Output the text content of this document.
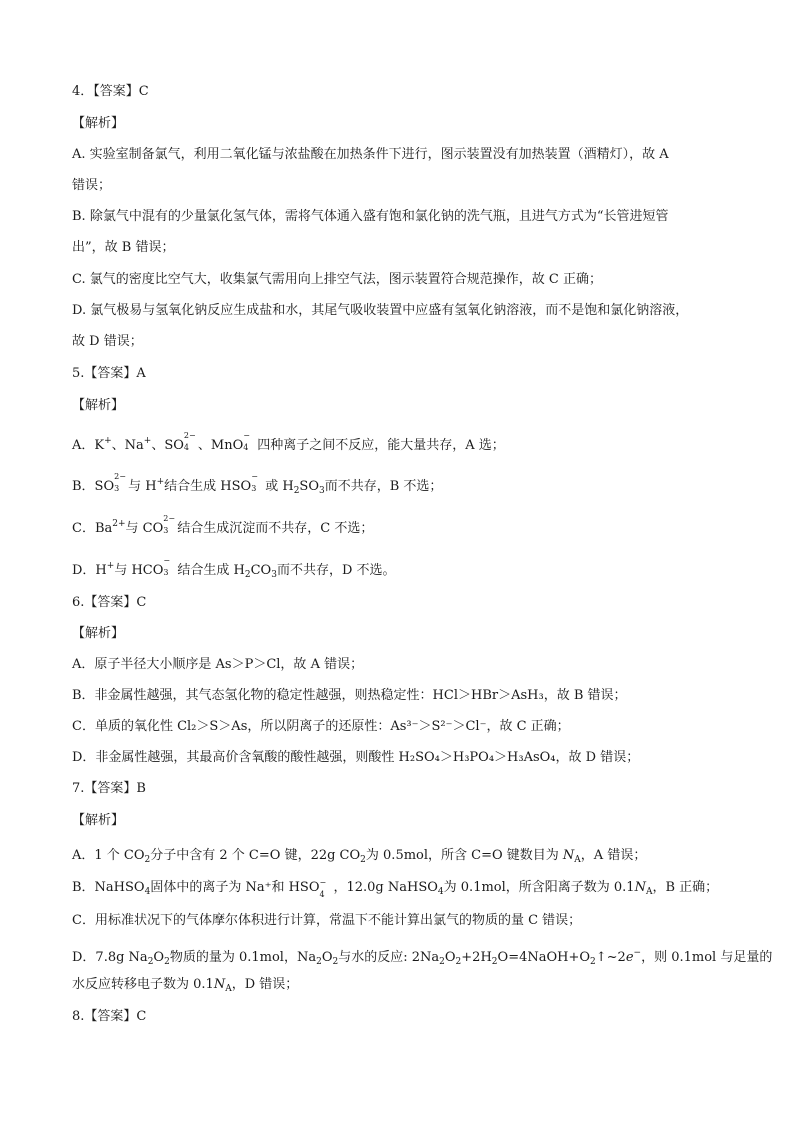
4．【答案】C
【解析】
A. 实验室制备氯气，利用二氧化锰与浓盐酸在加热条件下进行，图示装置没有加热装置（酒精灯），故 A
错误；
B. 除氯气中混有的少量氯化氢气体，需将气体通入盛有饱和氯化钠的洗气瓶，且进气方式为“长管进短管
出”，故 B 错误；
C. 氯气的密度比空气大，收集氯气需用向上排空气法，图示装置符合规范操作，故 C 正确；
D. 氯气极易与氢氧化钠反应生成盐和水，其尾气吸收装置中应盛有氢氧化钠溶液，而不是饱和氯化钠溶液，
故 D 错误；
5.【答案】A
【解析】
A．K+、Na+、SO
2−
4 、MnO
−
4 四种离子之间不反应，能大量共存，A 选；
B．SO
2−
3 与 H+结合生成 HSO
−
3 或 $H_2SO_3$而不共存，B 不选；
C．$Ba^{2+}$与 CO
2−
3 结合生成沉淀而不共存，C 不选；
D．H+与 HCO
−
3 结合生成 $H_2CO_3$而不共存，D 不选。
6.【答案】C
【解析】
A．原子半径大小顺序是 As＞P＞Cl，故 A 错误；
B．非金属性越强，其气态氢化物的稳定性越强，则热稳定性：HCl＞HBr＞AsH₃，故 B 错误；
C．单质的氧化性 Cl₂＞S＞As，所以阴离子的还原性：As³⁻＞S²⁻＞Cl⁻，故 C 正确；
D．非金属性越强，其最高价含氧酸的酸性越强，则酸性 H₂SO₄＞H₃PO₄＞H₃AsO₄，故 D 错误；
7.【答案】B
【解析】
A．1 个 $CO_2$分子中含有 2 个 C=O 键，22g $CO_2$为 0.5mol，所含 C=O 键数目为 $N_A$，A 错误；
B．NaHSO$_4$固体中的离子为 Na⁺和 HSO −
4 ，12.0g NaHSO$_4$为 0.1mol，所含阳离子数为 $0.1N_A$，B 正确；
C．用标准状况下的气体摩尔体积进行计算，常温下不能计算出氯气的物质的量 C 错误；
D．7.8g $Na_2O_2$物质的量为 0.1mol，$Na_2O_2$与水的反应: $2Na_2O_2+2H_2O=4NaOH+O_2↑\sim 2e^-$，则 0.1mol 与足量的
水反应转移电子数为 $0.1N_A$，D 错误；
8.【答案】C
